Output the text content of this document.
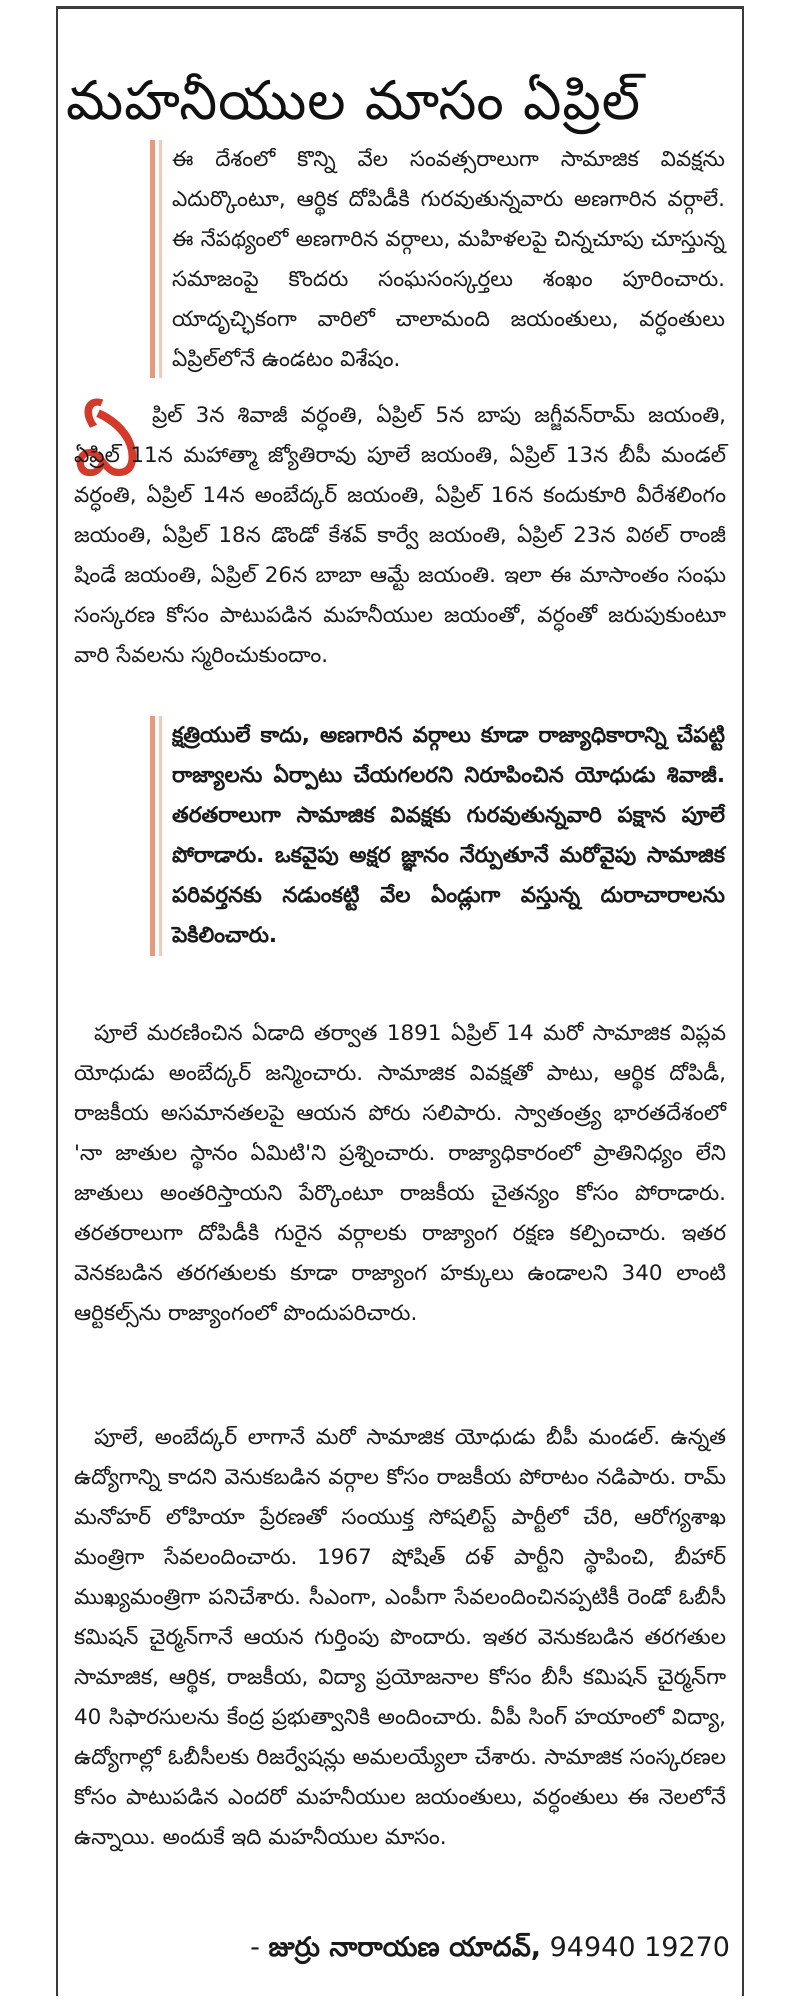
మహనీయుల మాసం ఏప్రిల్

ఈ దేశంలో కొన్ని వేల సంవత్సరాలుగా సామాజిక వివక్షను ఎదుర్కొంటూ, ఆర్థిక దోపిడీకి గురవుతున్నవారు అణగారిన వర్గాలే. ఈ నేపథ్యంలో అణగారిన వర్గాలు, మహిళలపై చిన్నచూపు చూస్తున్న సమాజంపై కొందరు సంఘసంస్కర్తలు శంఖం పూరించారు. యాదృచ్ఛికంగా వారిలో చాలామంది జయంతులు, వర్ధంతులు ఏప్రిల్‌లోనే ఉండటం విశేషం.

ఏ ప్రిల్ 3న శివాజీ వర్ధంతి, ఏప్రిల్ 5న బాపు జగ్జీవన్‌రామ్ జయంతి, ఏప్రిల్ 11న మహాత్మా జ్యోతిరావు పూలే జయంతి, ఏప్రిల్ 13న బీపీ మండల్ వర్ధంతి, ఏప్రిల్ 14న అంబేద్కర్ జయంతి, ఏప్రిల్ 16న కందుకూరి వీరేశలింగం జయంతి, ఏప్రిల్ 18న డొండో కేశవ్ కార్వే జయంతి, ఏప్రిల్ 23న విఠల్ రాంజీ షిండే జయంతి, ఏప్రిల్ 26న బాబా ఆమ్టే జయంతి. ఇలా ఈ మాసాంతం సంఘ సంస్కరణ కోసం పాటుపడిన మహనీయుల జయంతో, వర్ధంతో జరుపుకుంటూ వారి సేవలను స్మరించుకుందాం.

క్షత్రియులే కాదు, అణగారిన వర్గాలు కూడా రాజ్యాధికారాన్ని చేపట్టి రాజ్యాలను ఏర్పాటు చేయగలరని నిరూపించిన యోధుడు శివాజీ. తరతరాలుగా సామాజిక వివక్షకు గురవుతున్నవారి పక్షాన పూలే పోరాడారు. ఒకవైపు అక్షర జ్ఞానం నేర్పుతూనే మరోవైపు సామాజిక పరివర్తనకు నడుంకట్టి వేల ఏండ్లుగా వస్తున్న దురాచారాలను పెకిలించారు.

పూలే మరణించిన ఏడాది తర్వాత 1891 ఏప్రిల్ 14 మరో సామాజిక విప్లవ యోధుడు అంబేద్కర్ జన్మించారు. సామాజిక వివక్షతో పాటు, ఆర్థిక దోపిడీ, రాజకీయ అసమానతలపై ఆయన పోరు సలిపారు. స్వాతంత్ర్య భారతదేశంలో 'నా జాతుల స్థానం ఏమిటి'ని ప్రశ్నించారు. రాజ్యాధికారంలో ప్రాతినిధ్యం లేని జాతులు అంతరిస్తాయని పేర్కొంటూ రాజకీయ చైతన్యం కోసం పోరాడారు. తరతరాలుగా దోపిడీకి గురైన వర్గాలకు రాజ్యాంగ రక్షణ కల్పించారు. ఇతర వెనకబడిన తరగతులకు కూడా రాజ్యాంగ హక్కులు ఉండాలని 340 లాంటి ఆర్టికల్స్‌ను రాజ్యాంగంలో పొందుపరిచారు.

పూలే, అంబేద్కర్ లాగానే మరో సామాజిక యోధుడు బీపీ మండల్. ఉన్నత ఉద్యోగాన్ని కాదని వెనుకబడిన వర్గాల కోసం రాజకీయ పోరాటం నడిపారు. రామ్ మనోహర్ లోహియా ప్రేరణతో సంయుక్త సోషలిస్ట్ పార్టీలో చేరి, ఆరోగ్యశాఖ మంత్రిగా సేవలందించారు. 1967 షోషిత్ దళ్ పార్టీని స్థాపించి, బీహార్ ముఖ్యమంత్రిగా పనిచేశారు. సీఎంగా, ఎంపీగా సేవలందించినప్పటికీ రెండో ఓబీసీ కమిషన్ చైర్మన్‌గానే ఆయన గుర్తింపు పొందారు. ఇతర వెనుకబడిన తరగతుల సామాజిక, ఆర్థిక, రాజకీయ, విద్యా ప్రయోజనాల కోసం బీసీ కమిషన్ చైర్మన్‌గా 40 సిఫారసులను కేంద్ర ప్రభుత్వానికి అందించారు. వీపీ సింగ్ హయాంలో విద్యా, ఉద్యోగాల్లో ఓబీసీలకు రిజర్వేషన్లు అమలయ్యేలా చేశారు. సామాజిక సంస్కరణల కోసం పాటుపడిన ఎందరో మహనీయుల జయంతులు, వర్ధంతులు ఈ నెలలోనే ఉన్నాయి. అందుకే ఇది మహనీయుల మాసం.

- జుర్రు నారాయణ యాదవ్, 94940 19270
